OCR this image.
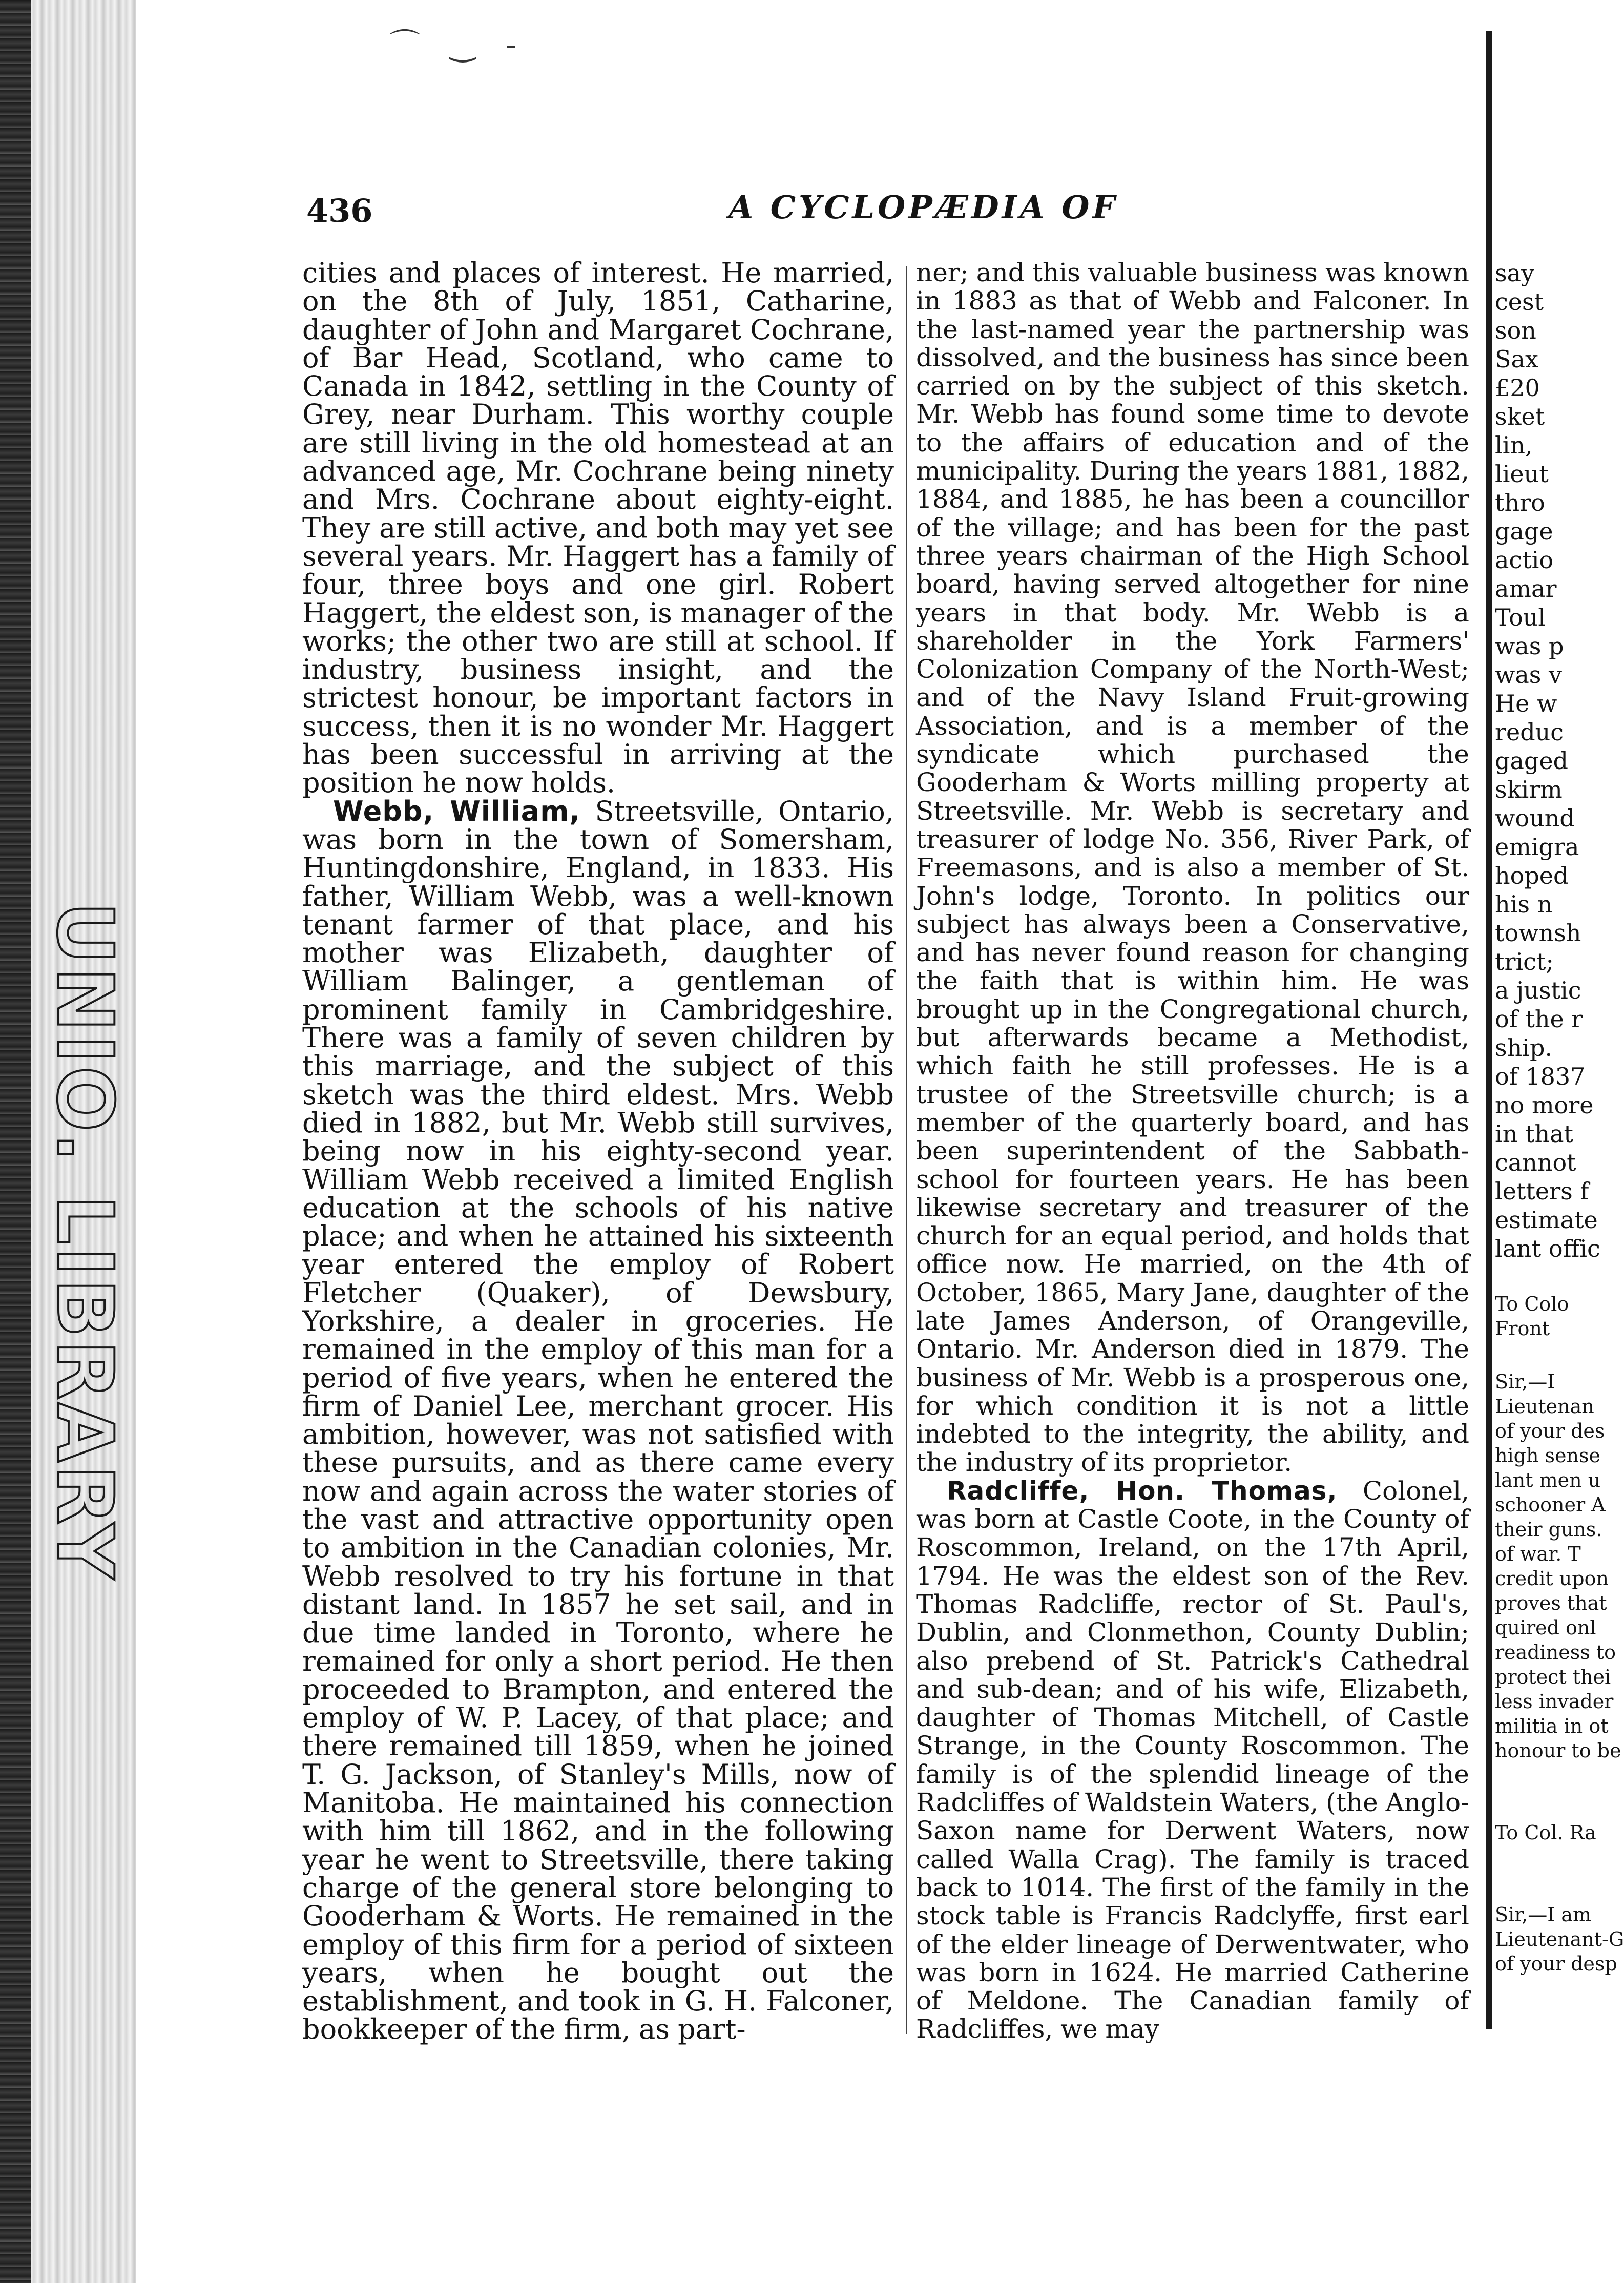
UNIO. LIBRARY
⌒ ‿ ‐
436	A CYCLOPÆDIA OF

cities and places of interest. He married, on the 8th of July, 1851, Catharine, daughter of John and Margaret Cochrane, of Bar Head, Scotland, who came to Canada in 1842, settling in the County of Grey, near Durham. This worthy couple are still living in the old homestead at an advanced age, Mr. Cochrane being ninety and Mrs. Cochrane about eighty-eight. They are still active, and both may yet see several years. Mr. Haggert has a family of four, three boys and one girl. Robert Haggert, the eldest son, is manager of the works; the other two are still at school. If industry, business insight, and the strictest honour, be important factors in success, then it is no wonder Mr. Haggert has been successful in arriving at the position he now holds.

Webb, William, Streetsville, Ontario, was born in the town of Somersham, Huntingdonshire, England, in 1833. His father, William Webb, was a well-known tenant farmer of that place, and his mother was Elizabeth, daughter of William Balinger, a gentleman of prominent family in Cambridgeshire. There was a family of seven children by this marriage, and the subject of this sketch was the third eldest. Mrs. Webb died in 1882, but Mr. Webb still survives, being now in his eighty-second year. William Webb received a limited English education at the schools of his native place; and when he attained his sixteenth year entered the employ of Robert Fletcher (Quaker), of Dewsbury, Yorkshire, a dealer in groceries. He remained in the employ of this man for a period of five years, when he entered the firm of Daniel Lee, merchant grocer. His ambition, however, was not satisfied with these pursuits, and as there came every now and again across the water stories of the vast and attractive opportunity open to ambition in the Canadian colonies, Mr. Webb resolved to try his fortune in that distant land. In 1857 he set sail, and in due time landed in Toronto, where he remained for only a short period. He then proceeded to Brampton, and entered the employ of W. P. Lacey, of that place; and there remained till 1859, when he joined T. G. Jackson, of Stanley's Mills, now of Manitoba. He maintained his connection with him till 1862, and in the following year he went to Streetsville, there taking charge of the general store belonging to Gooderham & Worts. He remained in the employ of this firm for a period of sixteen years, when he bought out the establishment, and took in G. H. Falconer, bookkeeper of the firm, as part-

ner; and this valuable business was known in 1883 as that of Webb and Falconer. In the last-named year the partnership was dissolved, and the business has since been carried on by the subject of this sketch. Mr. Webb has found some time to devote to the affairs of education and of the municipality. During the years 1881, 1882, 1884, and 1885, he has been a councillor of the village; and has been for the past three years chairman of the High School board, having served altogether for nine years in that body. Mr. Webb is a shareholder in the York Farmers' Colonization Company of the North-West; and of the Navy Island Fruit-growing Association, and is a member of the syndicate which purchased the Gooderham & Worts milling property at Streetsville. Mr. Webb is secretary and treasurer of lodge No. 356, River Park, of Freemasons, and is also a member of St. John's lodge, Toronto. In politics our subject has always been a Conservative, and has never found reason for changing the faith that is within him. He was brought up in the Congregational church, but afterwards became a Methodist, which faith he still professes. He is a trustee of the Streetsville church; is a member of the quarterly board, and has been superintendent of the Sabbath-school for fourteen years. He has been likewise secretary and treasurer of the church for an equal period, and holds that office now. He married, on the 4th of October, 1865, Mary Jane, daughter of the late James Anderson, of Orangeville, Ontario. Mr. Anderson died in 1879. The business of Mr. Webb is a prosperous one, for which condition it is not a little indebted to the integrity, the ability, and the industry of its proprietor.

Radcliffe, Hon. Thomas, Colonel, was born at Castle Coote, in the County of Roscommon, Ireland, on the 17th April, 1794. He was the eldest son of the Rev. Thomas Radcliffe, rector of St. Paul's, Dublin, and Clonmethon, County Dublin; also prebend of St. Patrick's Cathedral and sub-dean; and of his wife, Elizabeth, daughter of Thomas Mitchell, of Castle Strange, in the County Roscommon. The family is of the splendid lineage of the Radcliffes of Waldstein Waters, (the Anglo-Saxon name for Derwent Waters, now called Walla Crag). The family is traced back to 1014. The first of the family in the stock table is Francis Radclyffe, first earl of the elder lineage of Derwentwater, who was born in 1624. He married Catherine of Meldone. The Canadian family of Radcliffes, we may

say
cest
son
Sax
£20
sket
lin,
lieut
thro
gage
actio
amar
Toul
was p
was v
He w
reduc
gaged
skirm
wound
emigra
hoped
his n
townsh
trict;
a justic
of the r
ship.
of 1837
no more
in that
cannot
letters f
estimate
lant offic
To Colo
Front
Sir,—I
Lieutenan
of your des
high sense
lant men u
schooner A
their guns.
of war. T
credit upon
proves that
quired onl
readiness to
protect thei
less invader
militia in ot
honour to be
To Col. Ra
Sir,—I am
Lieutenant-G
of your desp
